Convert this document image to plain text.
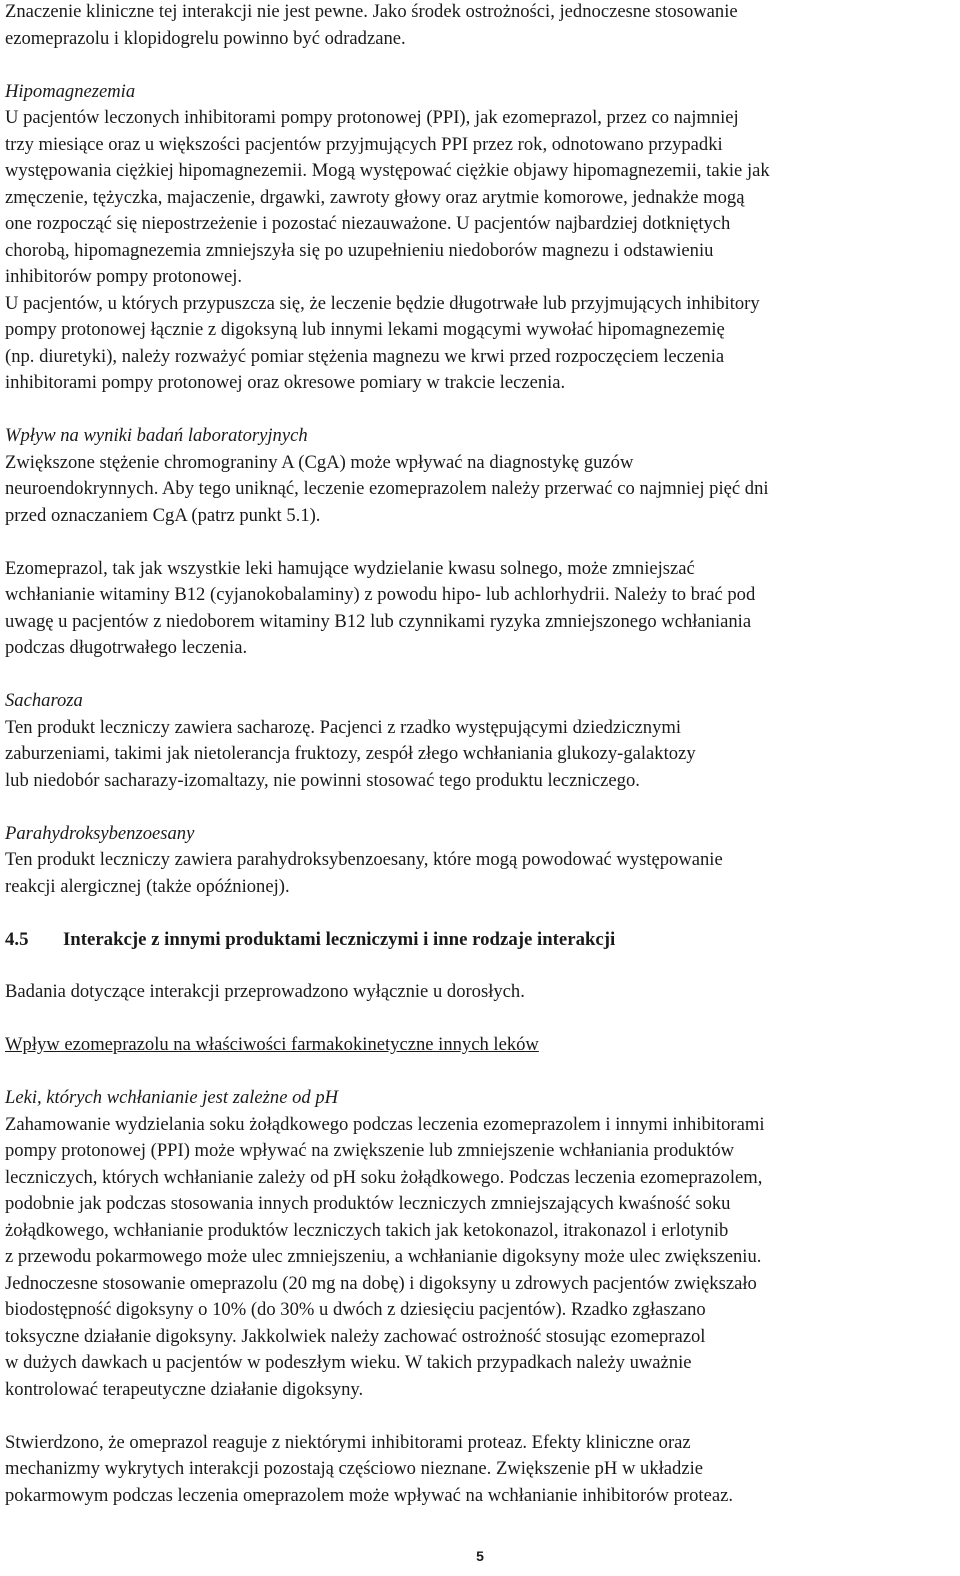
Znaczenie kliniczne tej interakcji nie jest pewne. Jako środek ostrożności, jednoczesne stosowanie
ezomeprazolu i klopidogrelu powinno być odradzane.

Hipomagnezemia
U pacjentów leczonych inhibitorami pompy protonowej (PPI), jak ezomeprazol, przez co najmniej
trzy miesiące oraz u większości pacjentów przyjmujących PPI przez rok, odnotowano przypadki
występowania ciężkiej hipomagnezemii. Mogą występować ciężkie objawy hipomagnezemii, takie jak
zmęczenie, tężyczka, majaczenie, drgawki, zawroty głowy oraz arytmie komorowe, jednakże mogą
one rozpocząć się niepostrzeżenie i pozostać niezauważone. U pacjentów najbardziej dotkniętych
chorobą, hipomagnezemia zmniejszyła się po uzupełnieniu niedoborów magnezu i odstawieniu
inhibitorów pompy protonowej.
U pacjentów, u których przypuszcza się, że leczenie będzie długotrwałe lub przyjmujących inhibitory
pompy protonowej łącznie z digoksyną lub innymi lekami mogącymi wywołać hipomagnezemię
(np. diuretyki), należy rozważyć pomiar stężenia magnezu we krwi przed rozpoczęciem leczenia
inhibitorami pompy protonowej oraz okresowe pomiary w trakcie leczenia.

Wpływ na wyniki badań laboratoryjnych
Zwiększone stężenie chromograniny A (CgA) może wpływać na diagnostykę guzów
neuroendokrynnych. Aby tego uniknąć, leczenie ezomeprazolem należy przerwać co najmniej pięć dni
przed oznaczaniem CgA (patrz punkt 5.1).

Ezomeprazol, tak jak wszystkie leki hamujące wydzielanie kwasu solnego, może zmniejszać
wchłanianie witaminy B12 (cyjanokobalaminy) z powodu hipo- lub achlorhydrii. Należy to brać pod
uwagę u pacjentów z niedoborem witaminy B12 lub czynnikami ryzyka zmniejszonego wchłaniania
podczas długotrwałego leczenia.

Sacharoza
Ten produkt leczniczy zawiera sacharozę. Pacjenci z rzadko występującymi dziedzicznymi
zaburzeniami, takimi jak nietolerancja fruktozy, zespół złego wchłaniania glukozy-galaktozy
lub niedobór sacharazy-izomaltazy, nie powinni stosować tego produktu leczniczego.

Parahydroksybenzoesany
Ten produkt leczniczy zawiera parahydroksybenzoesany, które mogą powodować występowanie
reakcji alergicznej (także opóźnionej).

4.5 Interakcje z innymi produktami leczniczymi i inne rodzaje interakcji

Badania dotyczące interakcji przeprowadzono wyłącznie u dorosłych.

Wpływ ezomeprazolu na właściwości farmakokinetyczne innych leków

Leki, których wchłanianie jest zależne od pH
Zahamowanie wydzielania soku żołądkowego podczas leczenia ezomeprazolem i innymi inhibitorami
pompy protonowej (PPI) może wpływać na zwiększenie lub zmniejszenie wchłaniania produktów
leczniczych, których wchłanianie zależy od pH soku żołądkowego. Podczas leczenia ezomeprazolem,
podobnie jak podczas stosowania innych produktów leczniczych zmniejszających kwaśność soku
żołądkowego, wchłanianie produktów leczniczych takich jak ketokonazol, itrakonazol i erlotynib
z przewodu pokarmowego może ulec zmniejszeniu, a wchłanianie digoksyny może ulec zwiększeniu.
Jednoczesne stosowanie omeprazolu (20 mg na dobę) i digoksyny u zdrowych pacjentów zwiększało
biodostępność digoksyny o 10% (do 30% u dwóch z dziesięciu pacjentów). Rzadko zgłaszano
toksyczne działanie digoksyny. Jakkolwiek należy zachować ostrożność stosując ezomeprazol
w dużych dawkach u pacjentów w podeszłym wieku. W takich przypadkach należy uważnie
kontrolować terapeutyczne działanie digoksyny.

Stwierdzono, że omeprazol reaguje z niektórymi inhibitorami proteaz. Efekty kliniczne oraz
mechanizmy wykrytych interakcji pozostają częściowo nieznane. Zwiększenie pH w układzie
pokarmowym podczas leczenia omeprazolem może wpływać na wchłanianie inhibitorów proteaz.

5
